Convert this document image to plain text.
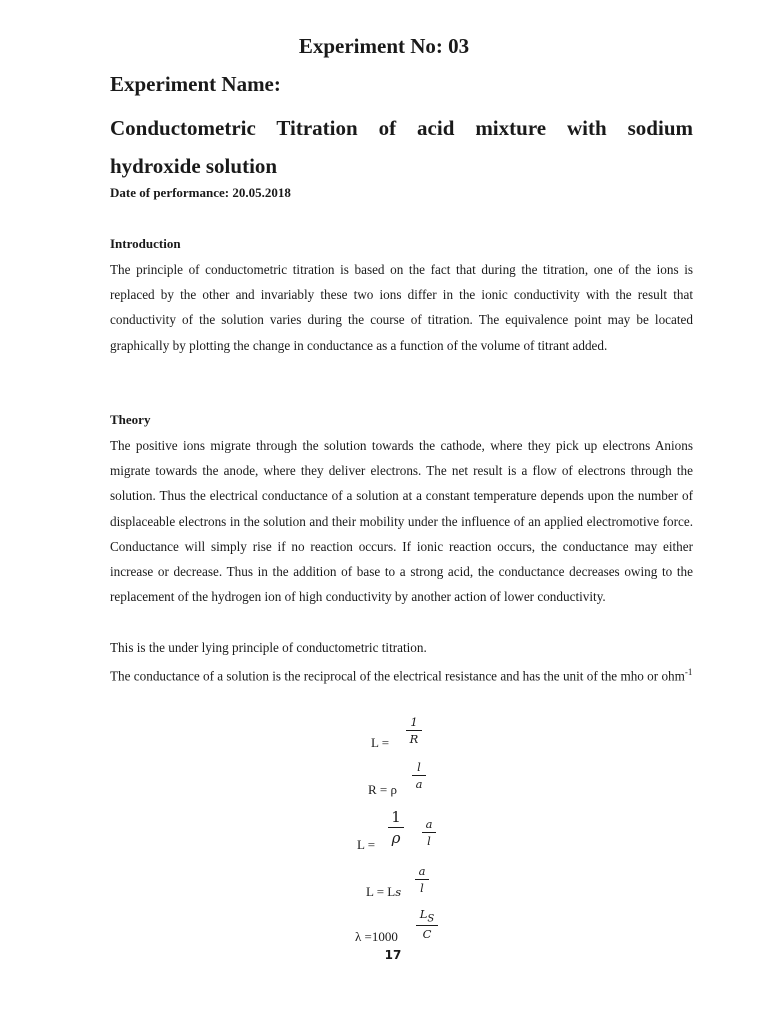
Experiment No: 03
Experiment Name:
Conductometric Titration of acid mixture with sodium hydroxide solution
Date of performance: 20.05.2018
Introduction
The principle of conductometric titration is based on the fact that during the titration, one of the ions is replaced by the other and invariably these two ions differ in the ionic conductivity with the result that conductivity of the solution varies during the course of titration. The equivalence point may be located graphically by plotting the change in conductance as a function of the volume of titrant added.
Theory
The positive ions migrate through the solution towards the cathode, where they pick up electrons Anions migrate towards the anode, where they deliver electrons. The net result is a flow of electrons through the solution. Thus the electrical conductance of a solution at a constant temperature depends upon the number of displaceable electrons in the solution and their mobility under the influence of an applied electromotive force. Conductance will simply rise if no reaction occurs. If ionic reaction occurs, the conductance may either increase or decrease. Thus in the addition of base to a strong acid, the conductance decreases owing to the replacement of the hydrogen ion of high conductivity by another action of lower conductivity.
This is the under lying principle of conductometric titration.
The conductance of a solution is the reciprocal of the electrical resistance and has the unit of the mho or ohm$^{-1}$
L =
1
R
R = ρ
l
a
L =
1
ρ
a
l
L = Ls
a
l
λ =1000
$L_S$
C
17
